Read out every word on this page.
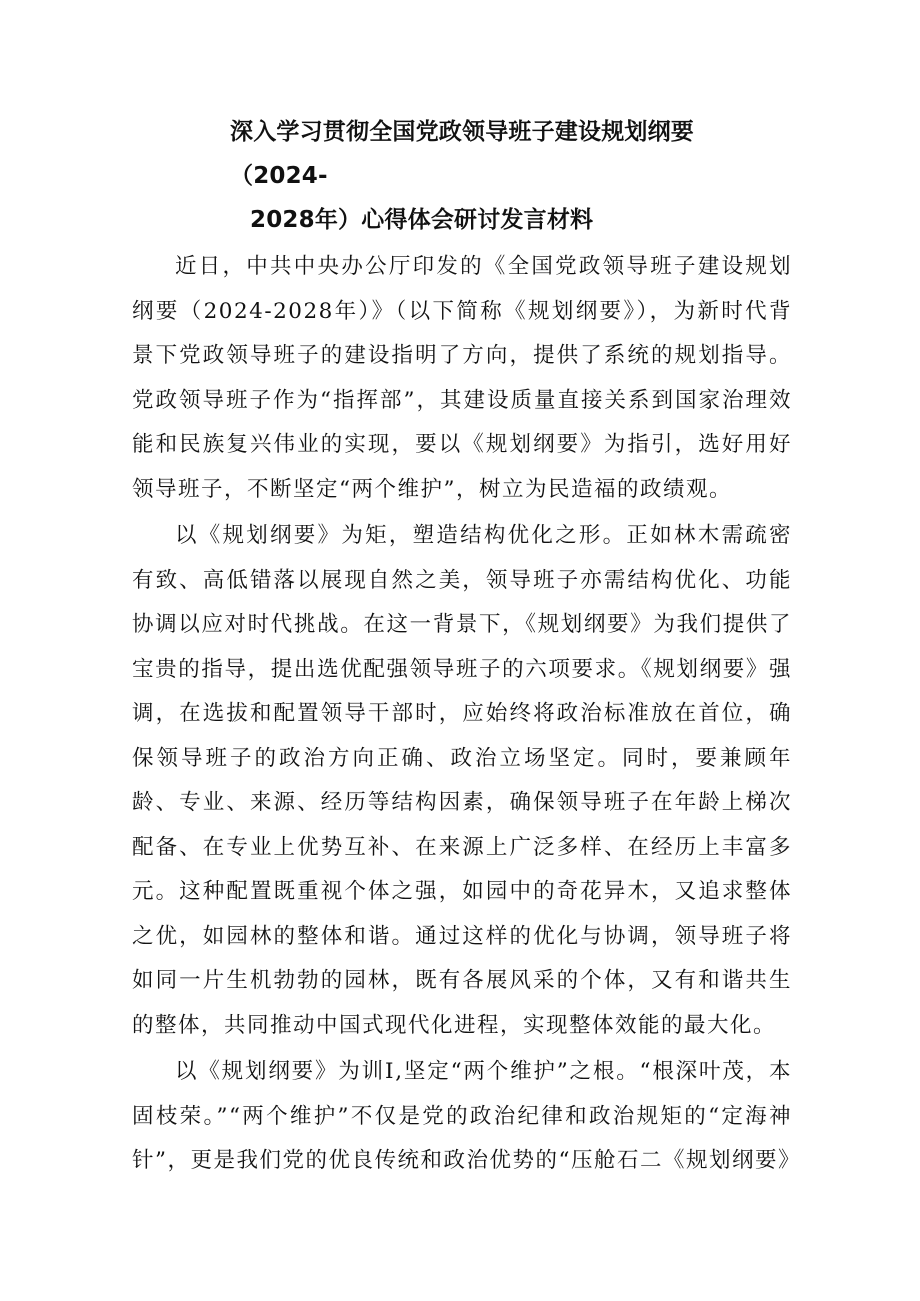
深入学习贯彻全国党政领导班子建设规划纲要（2024-
2028年）心得体会研讨发言材料

近日，中共中央办公厅印发的《全国党政领导班子建设规划纲要（2024-2028年）》（以下简称《规划纲要》），为新时代背景下党政领导班子的建设指明了方向，提供了系统的规划指导。党政领导班子作为“指挥部”，其建设质量直接关系到国家治理效能和民族复兴伟业的实现，要以《规划纲要》为指引，选好用好领导班子，不断坚定“两个维护”，树立为民造福的政绩观。

以《规划纲要》为矩，塑造结构优化之形。正如林木需疏密有致、高低错落以展现自然之美，领导班子亦需结构优化、功能协调以应对时代挑战。在这一背景下，《规划纲要》为我们提供了宝贵的指导，提出选优配强领导班子的六项要求。《规划纲要》强调，在选拔和配置领导干部时，应始终将政治标准放在首位，确保领导班子的政治方向正确、政治立场坚定。同时，要兼顾年龄、专业、来源、经历等结构因素，确保领导班子在年龄上梯次配备、在专业上优势互补、在来源上广泛多样、在经历上丰富多元。这种配置既重视个体之强，如园中的奇花异木，又追求整体之优，如园林的整体和谐。通过这样的优化与协调，领导班子将如同一片生机勃勃的园林，既有各展风采的个体，又有和谐共生的整体，共同推动中国式现代化进程，实现整体效能的最大化。

以《规划纲要》为训Ⅰ,坚定“两个维护”之根。“根深叶茂，本固枝荣。”“两个维护”不仅是党的政治纪律和政治规矩的“定海神针”，更是我们党的优良传统和政治优势的“压舱石二《规划纲要》
